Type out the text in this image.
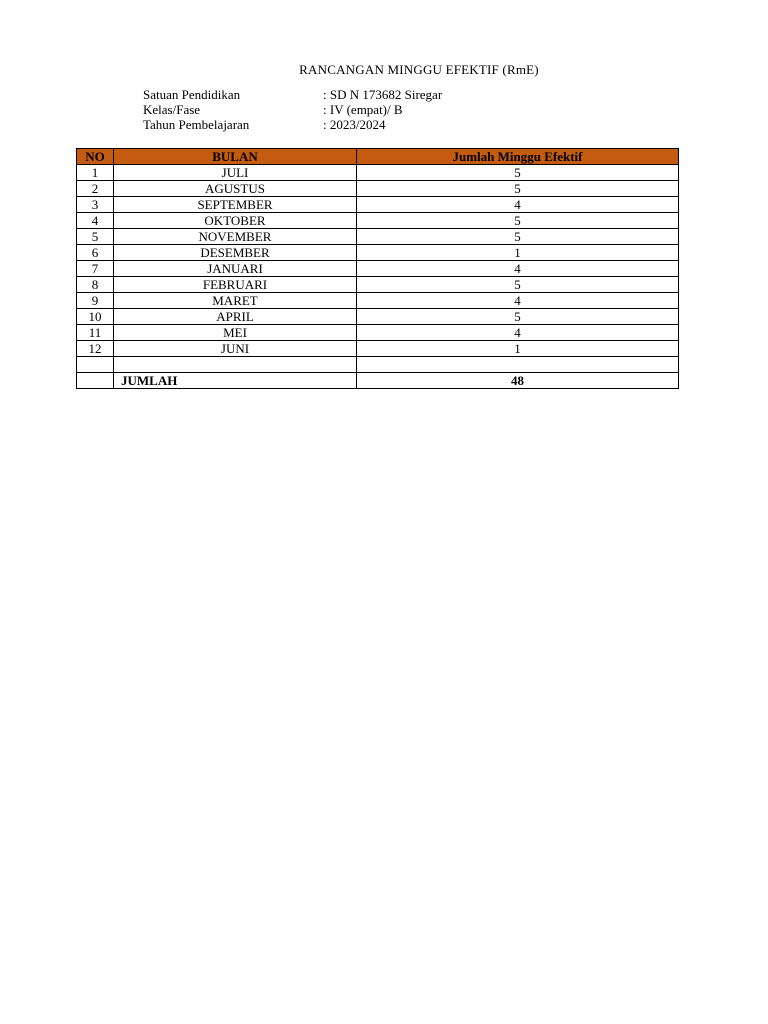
RANCANGAN MINGGU EFEKTIF (RmE)
Satuan Pendidikan	: SD N 173682 Siregar
Kelas/Fase	: IV (empat)/ B
Tahun Pembelajaran	: 2023/2024
NO	BULAN	Jumlah Minggu Efektif
1	JULI	5
2	AGUSTUS	5
3	SEPTEMBER	4
4	OKTOBER	5
5	NOVEMBER	5
6	DESEMBER	1
7	JANUARI	4
8	FEBRUARI	5
9	MARET	4
10	APRIL	5
11	MEI	4
12	JUNI	1

	JUMLAH	48
